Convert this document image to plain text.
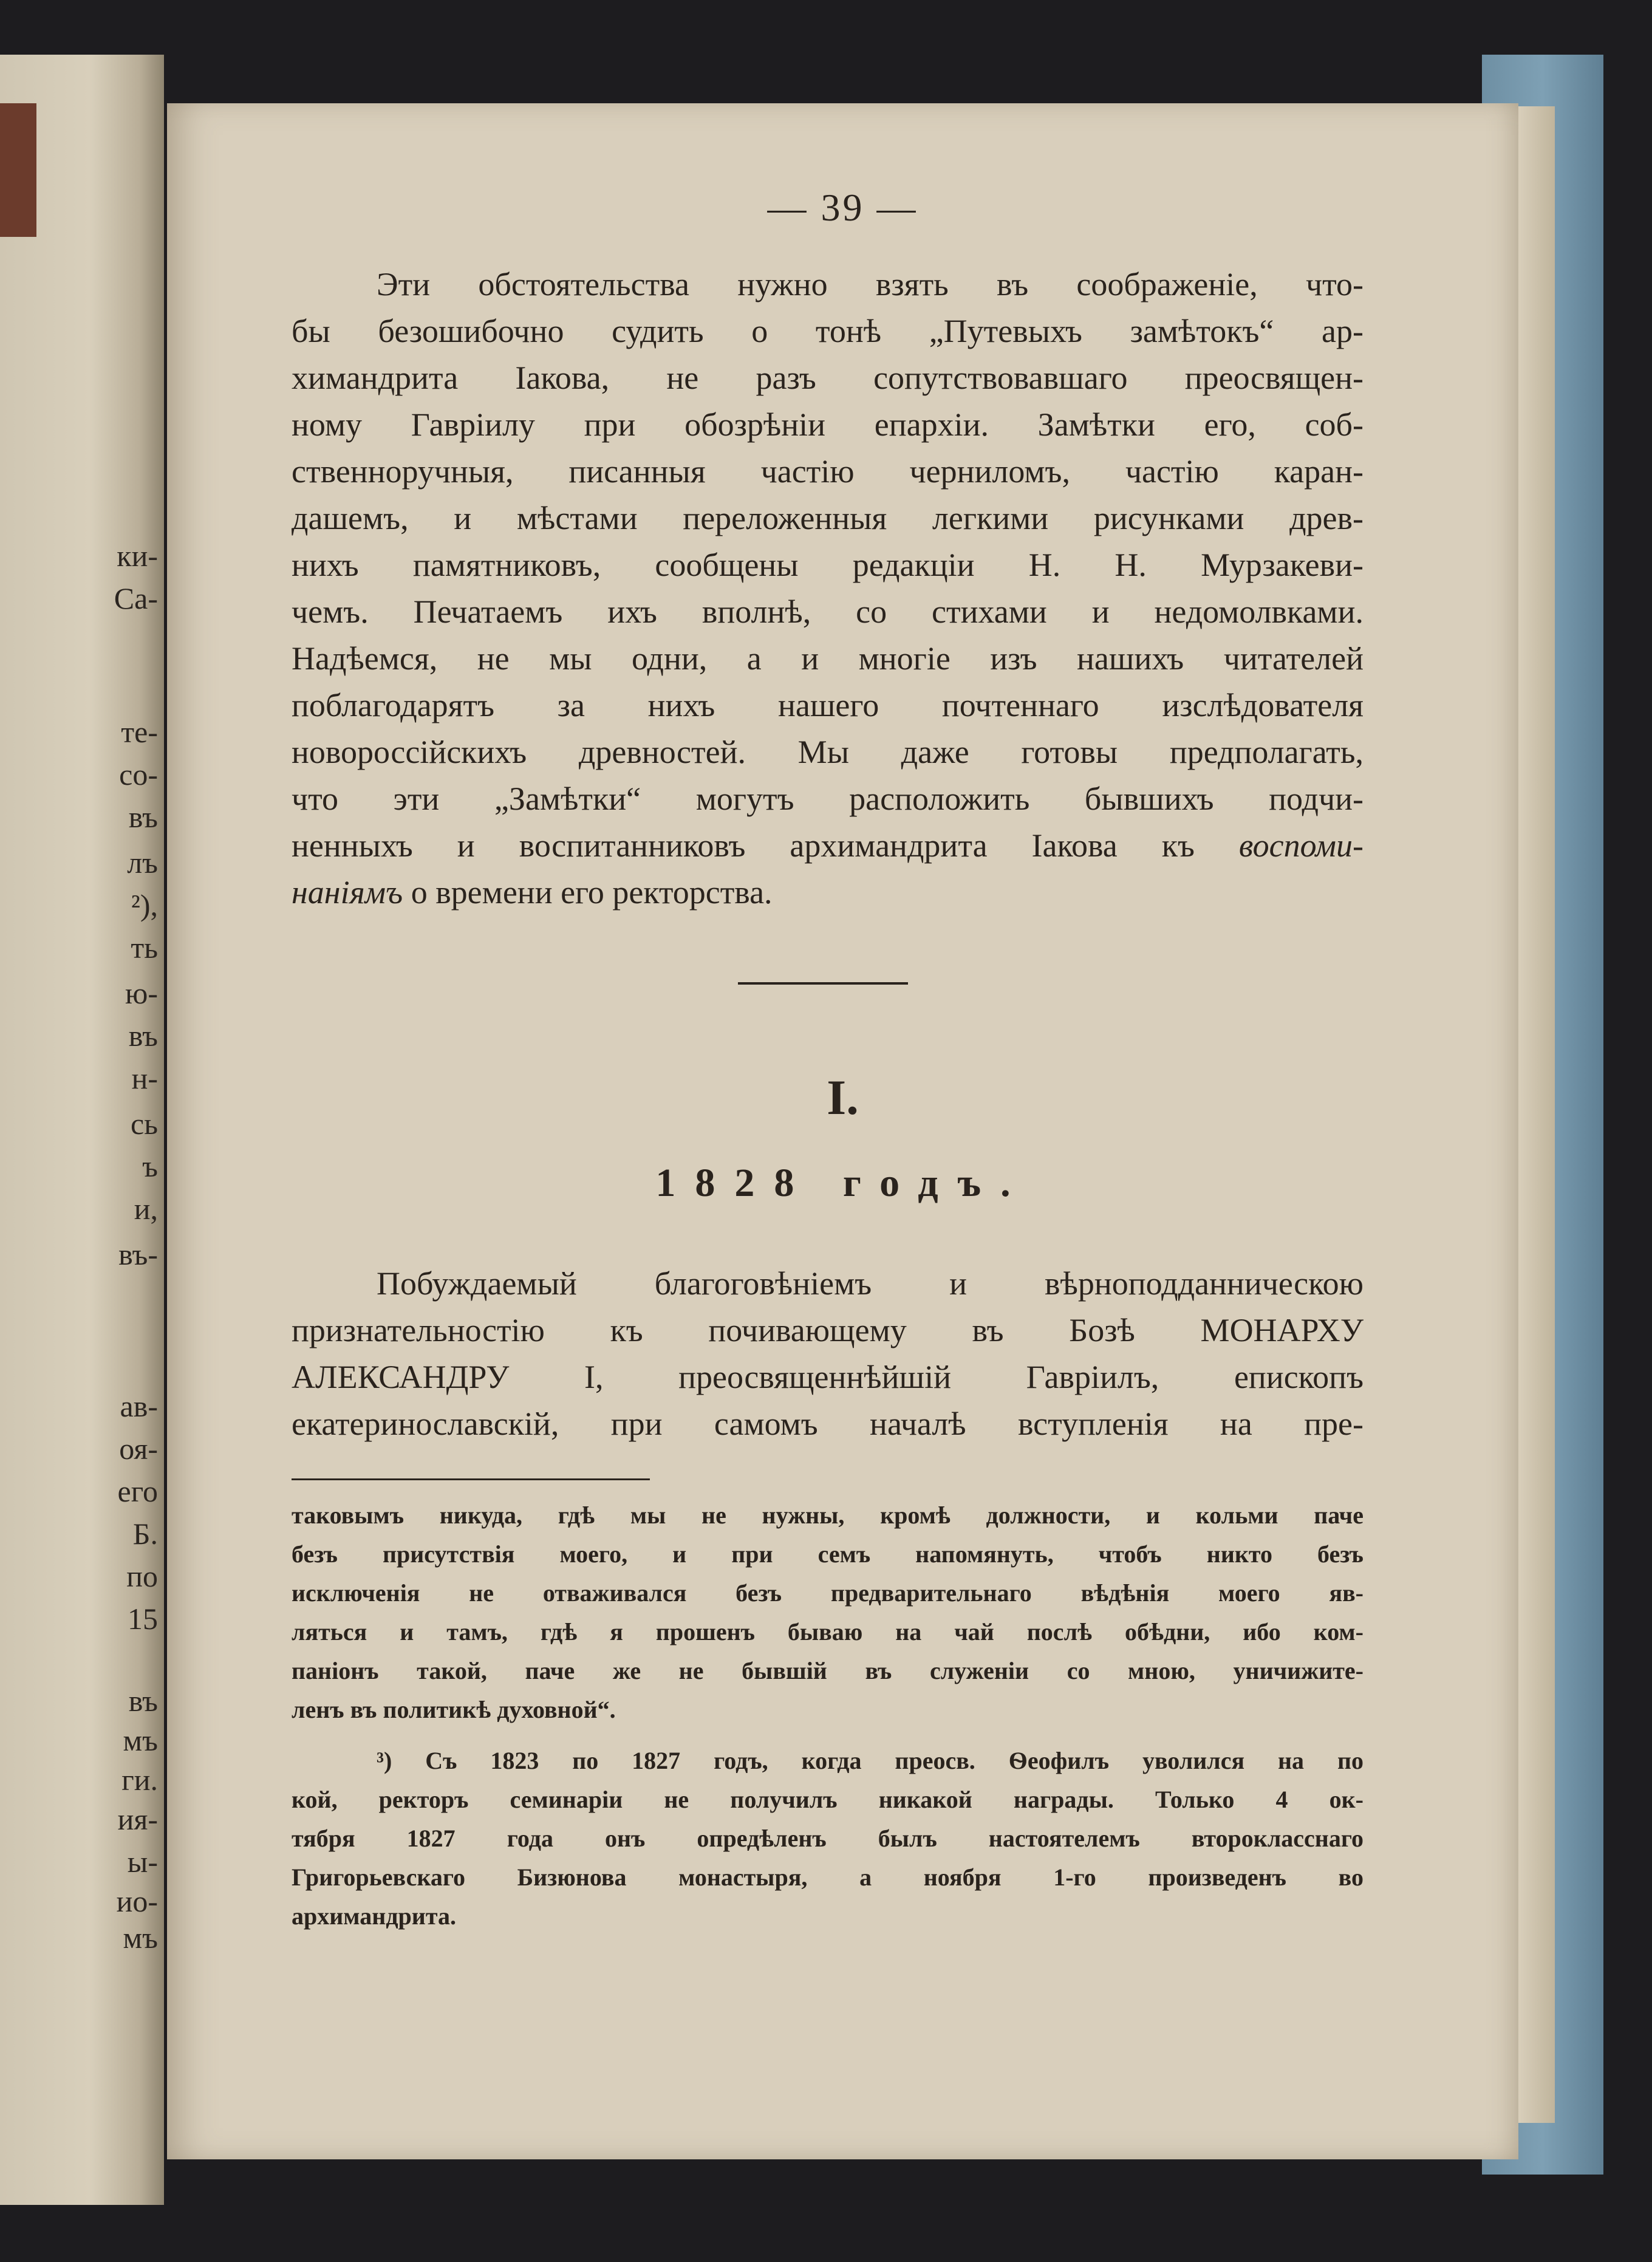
ки-
Са-
те-
со-
въ
лъ
²),
ть
ю-
въ
н-
сь
ъ
и,
въ-
ав-
оя-
его
Б.
по
15
въ
мъ
ги.
ия-
ы-
ио-
мъ
— 39 —
Эти обстоятельства нужно взять въ соображеніе, что-
бы безошибочно судить о тонѣ „Путевыхъ замѣтокъ“ ар-
химандрита Іакова, не разъ сопутствовавшаго преосвящен-
ному Гавріилу при обозрѣніи епархіи. Замѣтки его, соб-
ственноручныя, писанныя частію черниломъ, частію каран-
дашемъ, и мѣстами переложенныя легкими рисунками древ-
нихъ памятниковъ, сообщены редакціи Н. Н. Мурзакеви-
чемъ. Печатаемъ ихъ вполнѣ, со стихами и недомолвками.
Надѣемся, не мы одни, а и многіе изъ нашихъ читателей
поблагодарятъ за нихъ нашего почтеннаго изслѣдователя
новороссійскихъ древностей. Мы даже готовы предполагать,
что эти „Замѣтки“ могутъ расположить бывшихъ подчи-
ненныхъ и воспитанниковъ архимандрита Іакова къ воспоми-
наніямъ о времени его ректорства.
I.
1828 годъ.
Побуждаемый благоговѣніемъ и вѣрноподданническою
признательностію къ почивающему въ Бозѣ МОНАРХУ
АЛЕКСАНДРУ I, преосвященнѣйшій Гавріилъ, епископъ
екатеринославскій, при самомъ началѣ вступленія на пре-
таковымъ никуда, гдѣ мы не нужны, кромѣ должности, и кольми паче
безъ присутствія моего, и при семъ напомянуть, чтобъ никто безъ
исключенія не отваживался безъ предварительнаго вѣдѣнія моего яв-
ляться и тамъ, гдѣ я прошенъ бываю на чай послѣ обѣдни, ибо ком-
паніонъ такой, паче же не бывшій въ служеніи со мною, уничижите-
ленъ въ политикѣ духовной“.
³) Съ 1823 по 1827 годъ, когда преосв. Ѳеофилъ уволился на по
кой, ректоръ семинаріи не получилъ никакой награды. Только 4 ок-
тября 1827 года онъ опредѣленъ былъ настоятелемъ второкласснаго
Григорьевскаго Бизюнова монастыря, а ноября 1-го произведенъ во
архимандрита.
